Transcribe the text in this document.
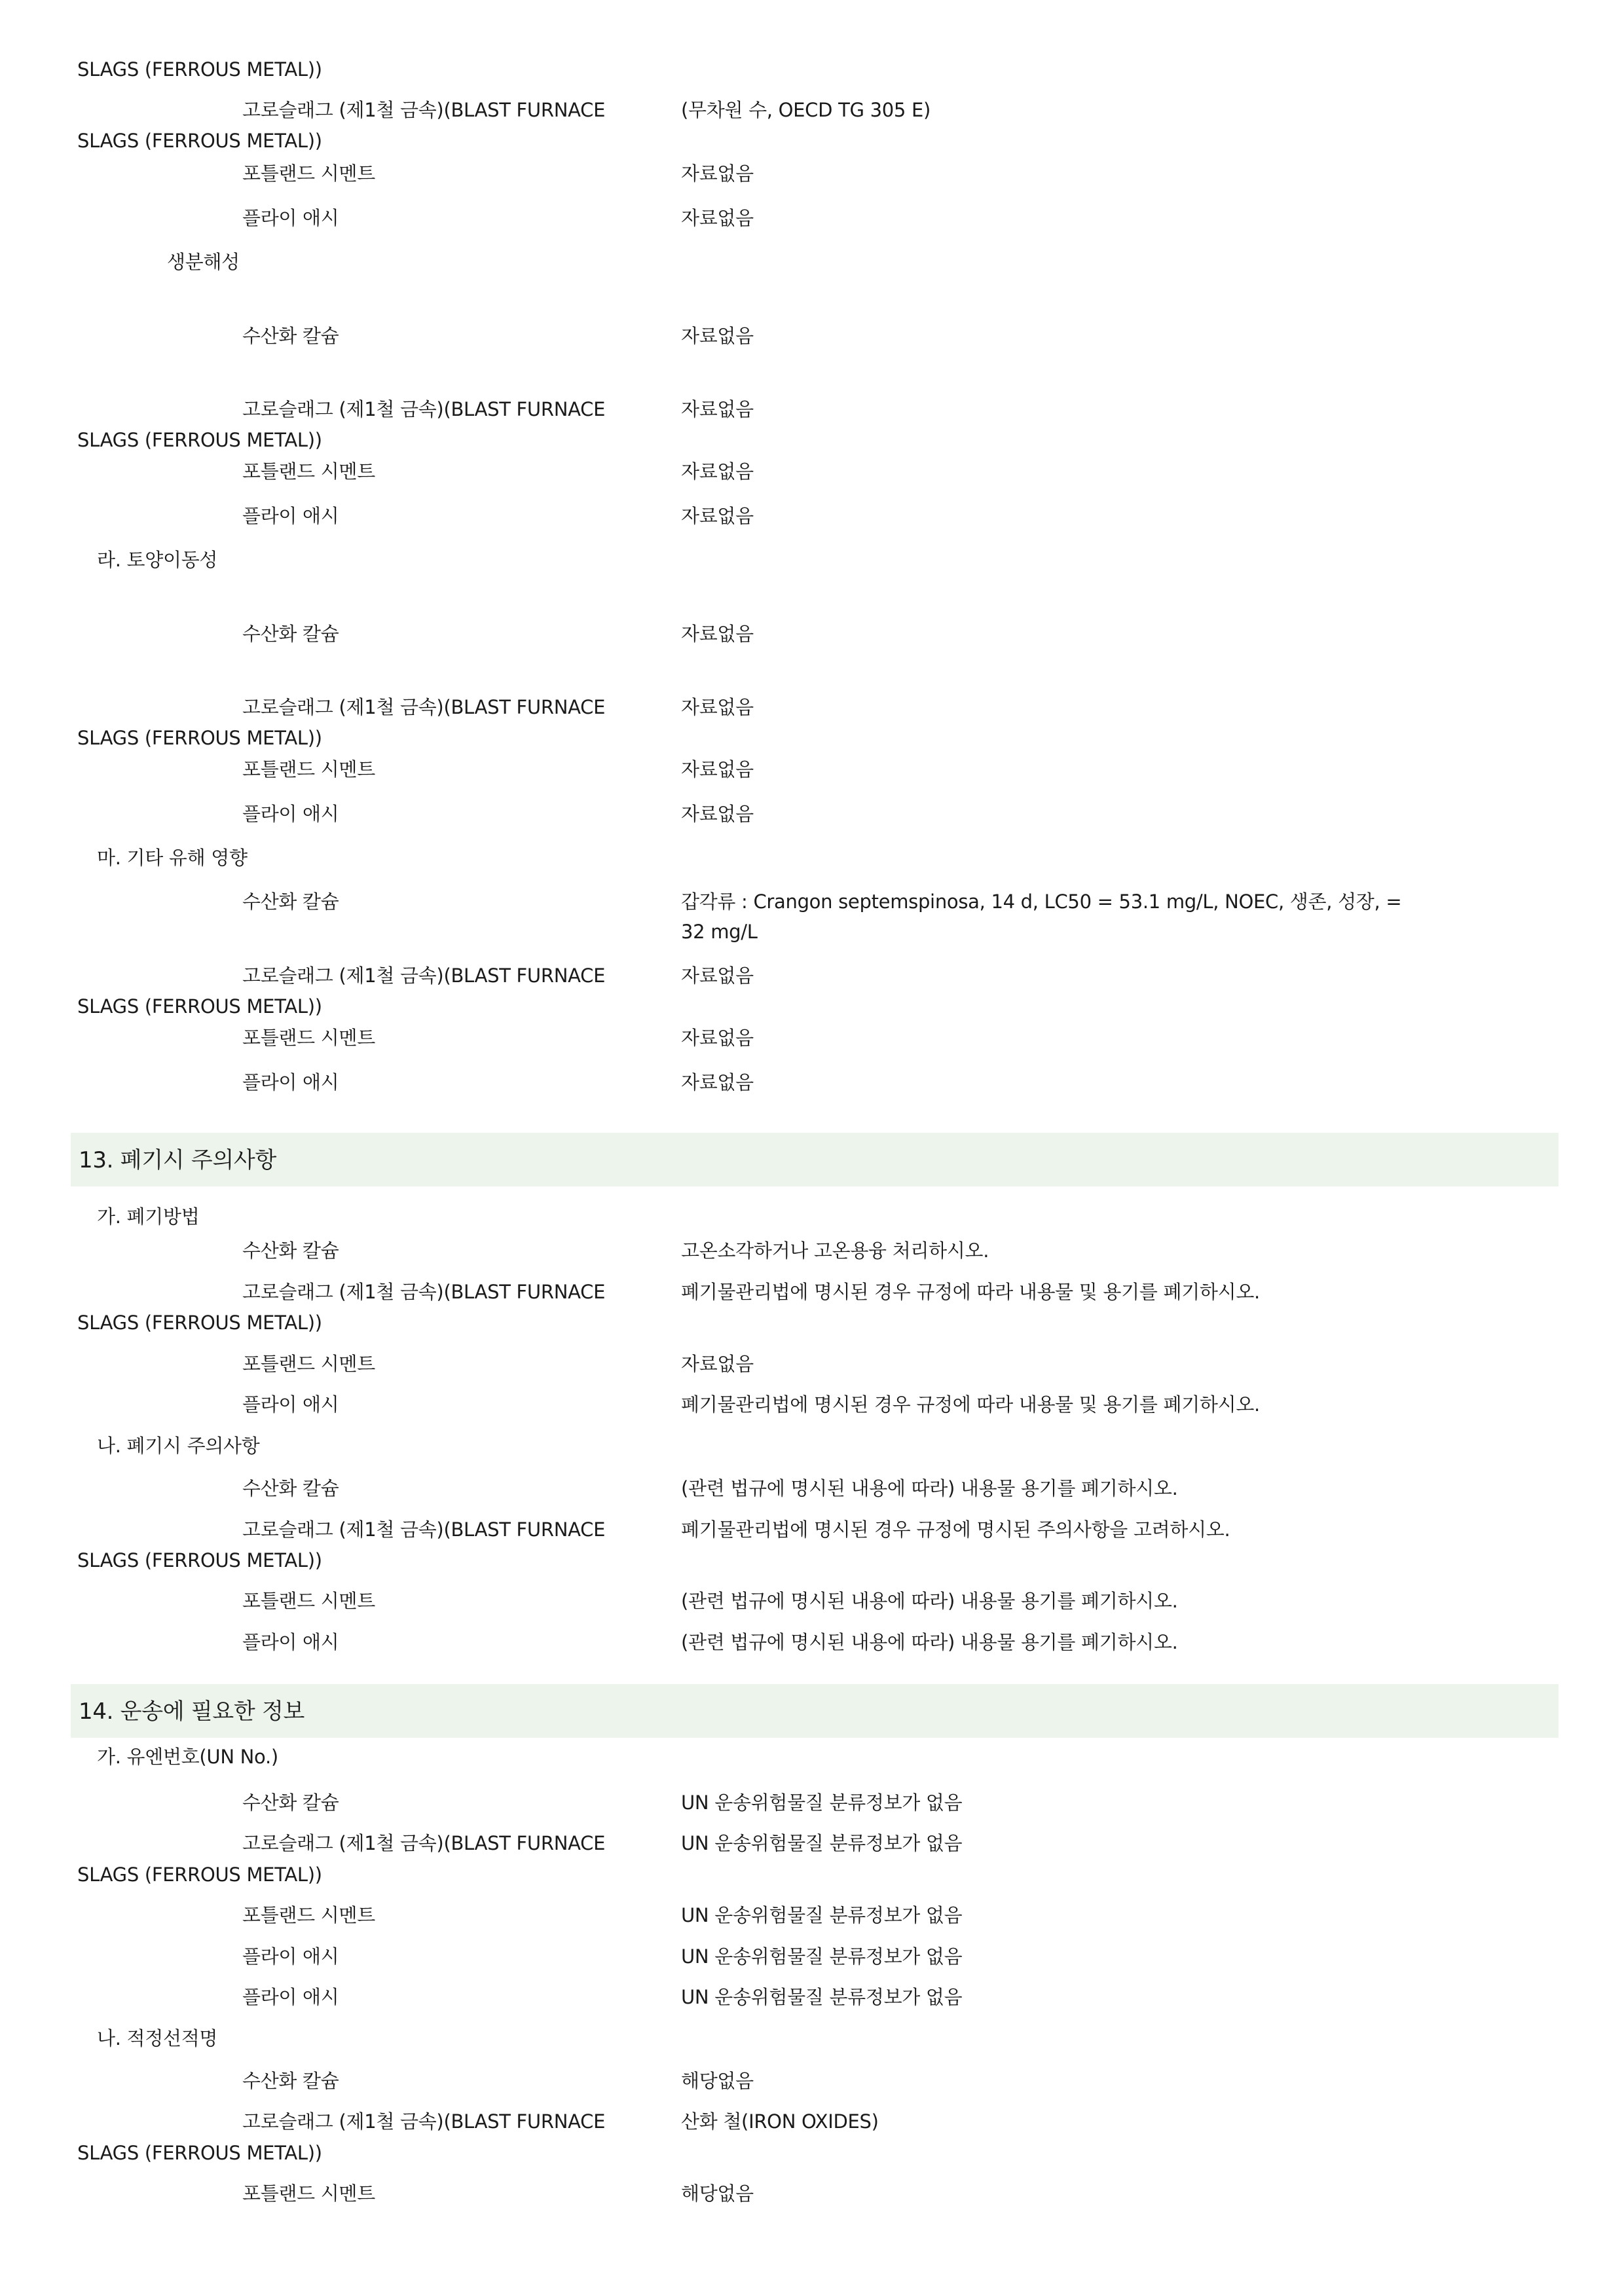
SLAGS (FERROUS METAL))
고로슬래그 (제1철 금속)(BLAST FURNACE	(무차원 수, OECD TG 305 E)
SLAGS (FERROUS METAL))
포틀랜드 시멘트	자료없음
플라이 애시	자료없음
생분해성
수산화 칼슘	자료없음
고로슬래그 (제1철 금속)(BLAST FURNACE	자료없음
SLAGS (FERROUS METAL))
포틀랜드 시멘트	자료없음
플라이 애시	자료없음
라. 토양이동성
수산화 칼슘	자료없음
고로슬래그 (제1철 금속)(BLAST FURNACE	자료없음
SLAGS (FERROUS METAL))
포틀랜드 시멘트	자료없음
플라이 애시	자료없음
마. 기타 유해 영향
수산화 칼슘	갑각류 : Crangon septemspinosa, 14 d, LC50 = 53.1 mg/L, NOEC, 생존, 성장, =
32 mg/L
고로슬래그 (제1철 금속)(BLAST FURNACE	자료없음
SLAGS (FERROUS METAL))
포틀랜드 시멘트	자료없음
플라이 애시	자료없음
13. 폐기시 주의사항
가. 폐기방법
수산화 칼슘	고온소각하거나 고온용융 처리하시오.
고로슬래그 (제1철 금속)(BLAST FURNACE	폐기물관리법에 명시된 경우 규정에 따라 내용물 및 용기를 폐기하시오.
SLAGS (FERROUS METAL))
포틀랜드 시멘트	자료없음
플라이 애시	폐기물관리법에 명시된 경우 규정에 따라 내용물 및 용기를 폐기하시오.
나. 폐기시 주의사항
수산화 칼슘	(관련 법규에 명시된 내용에 따라) 내용물 용기를 폐기하시오.
고로슬래그 (제1철 금속)(BLAST FURNACE	폐기물관리법에 명시된 경우 규정에 명시된 주의사항을 고려하시오.
SLAGS (FERROUS METAL))
포틀랜드 시멘트	(관련 법규에 명시된 내용에 따라) 내용물 용기를 폐기하시오.
플라이 애시	(관련 법규에 명시된 내용에 따라) 내용물 용기를 폐기하시오.
14. 운송에 필요한 정보
가. 유엔번호(UN No.)
수산화 칼슘	UN 운송위험물질 분류정보가 없음
고로슬래그 (제1철 금속)(BLAST FURNACE	UN 운송위험물질 분류정보가 없음
SLAGS (FERROUS METAL))
포틀랜드 시멘트	UN 운송위험물질 분류정보가 없음
플라이 애시	UN 운송위험물질 분류정보가 없음
플라이 애시	UN 운송위험물질 분류정보가 없음
나. 적정선적명
수산화 칼슘	해당없음
고로슬래그 (제1철 금속)(BLAST FURNACE	산화 철(IRON OXIDES)
SLAGS (FERROUS METAL))
포틀랜드 시멘트	해당없음
